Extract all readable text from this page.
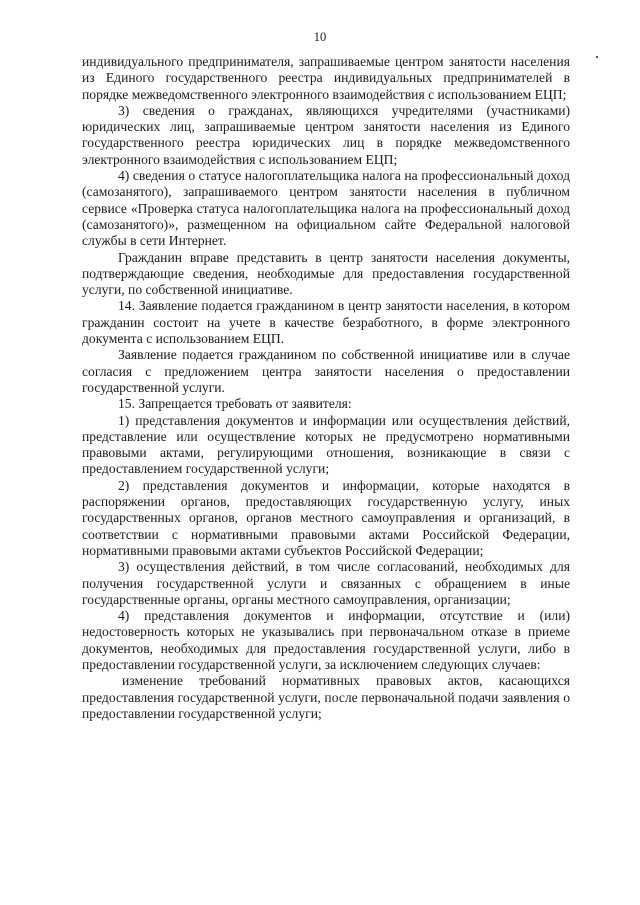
10

индивидуального предпринимателя, запрашиваемые центром занятости населения из Единого государственного реестра индивидуальных предпринимателей в порядке межведомственного электронного взаимодействия с использованием ЕЦП;

3) сведения о гражданах, являющихся учредителями (участниками) юридических лиц, запрашиваемые центром занятости населения из Единого государственного реестра юридических лиц в порядке межведомственного электронного взаимодействия с использованием ЕЦП;

4) сведения о статусе налогоплательщика налога на профессиональный доход (самозанятого), запрашиваемого центром занятости населения в публичном сервисе «Проверка статуса налогоплательщика налога на профессиональный доход (самозанятого)», размещенном на официальном сайте Федеральной налоговой службы в сети Интернет.

Гражданин вправе представить в центр занятости населения документы, подтверждающие сведения, необходимые для предоставления государственной услуги, по собственной инициативе.

14. Заявление подается гражданином в центр занятости населения, в котором гражданин состоит на учете в качестве безработного, в форме электронного документа с использованием ЕЦП.

Заявление подается гражданином по собственной инициативе или в случае согласия с предложением центра занятости населения о предоставлении государственной услуги.

15. Запрещается требовать от заявителя:

1) представления документов и информации или осуществления действий, представление или осуществление которых не предусмотрено нормативными правовыми актами, регулирующими отношения, возникающие в связи с предоставлением государственной услуги;

2) представления документов и информации, которые находятся в распоряжении органов, предоставляющих государственную услугу, иных государственных органов, органов местного самоуправления и организаций, в соответствии с нормативными правовыми актами Российской Федерации, нормативными правовыми актами субъектов Российской Федерации;

3) осуществления действий, в том числе согласований, необходимых для получения государственной услуги и связанных с обращением в иные государственные органы, органы местного самоуправления, организации;

4) представления документов и информации, отсутствие и (или) недостоверность которых не указывались при первоначальном отказе в приеме документов, необходимых для предоставления государственной услуги, либо в предоставлении государственной услуги, за исключением следующих случаев:

изменение требований нормативных правовых актов, касающихся предоставления государственной услуги, после первоначальной подачи заявления о предоставлении государственной услуги;
